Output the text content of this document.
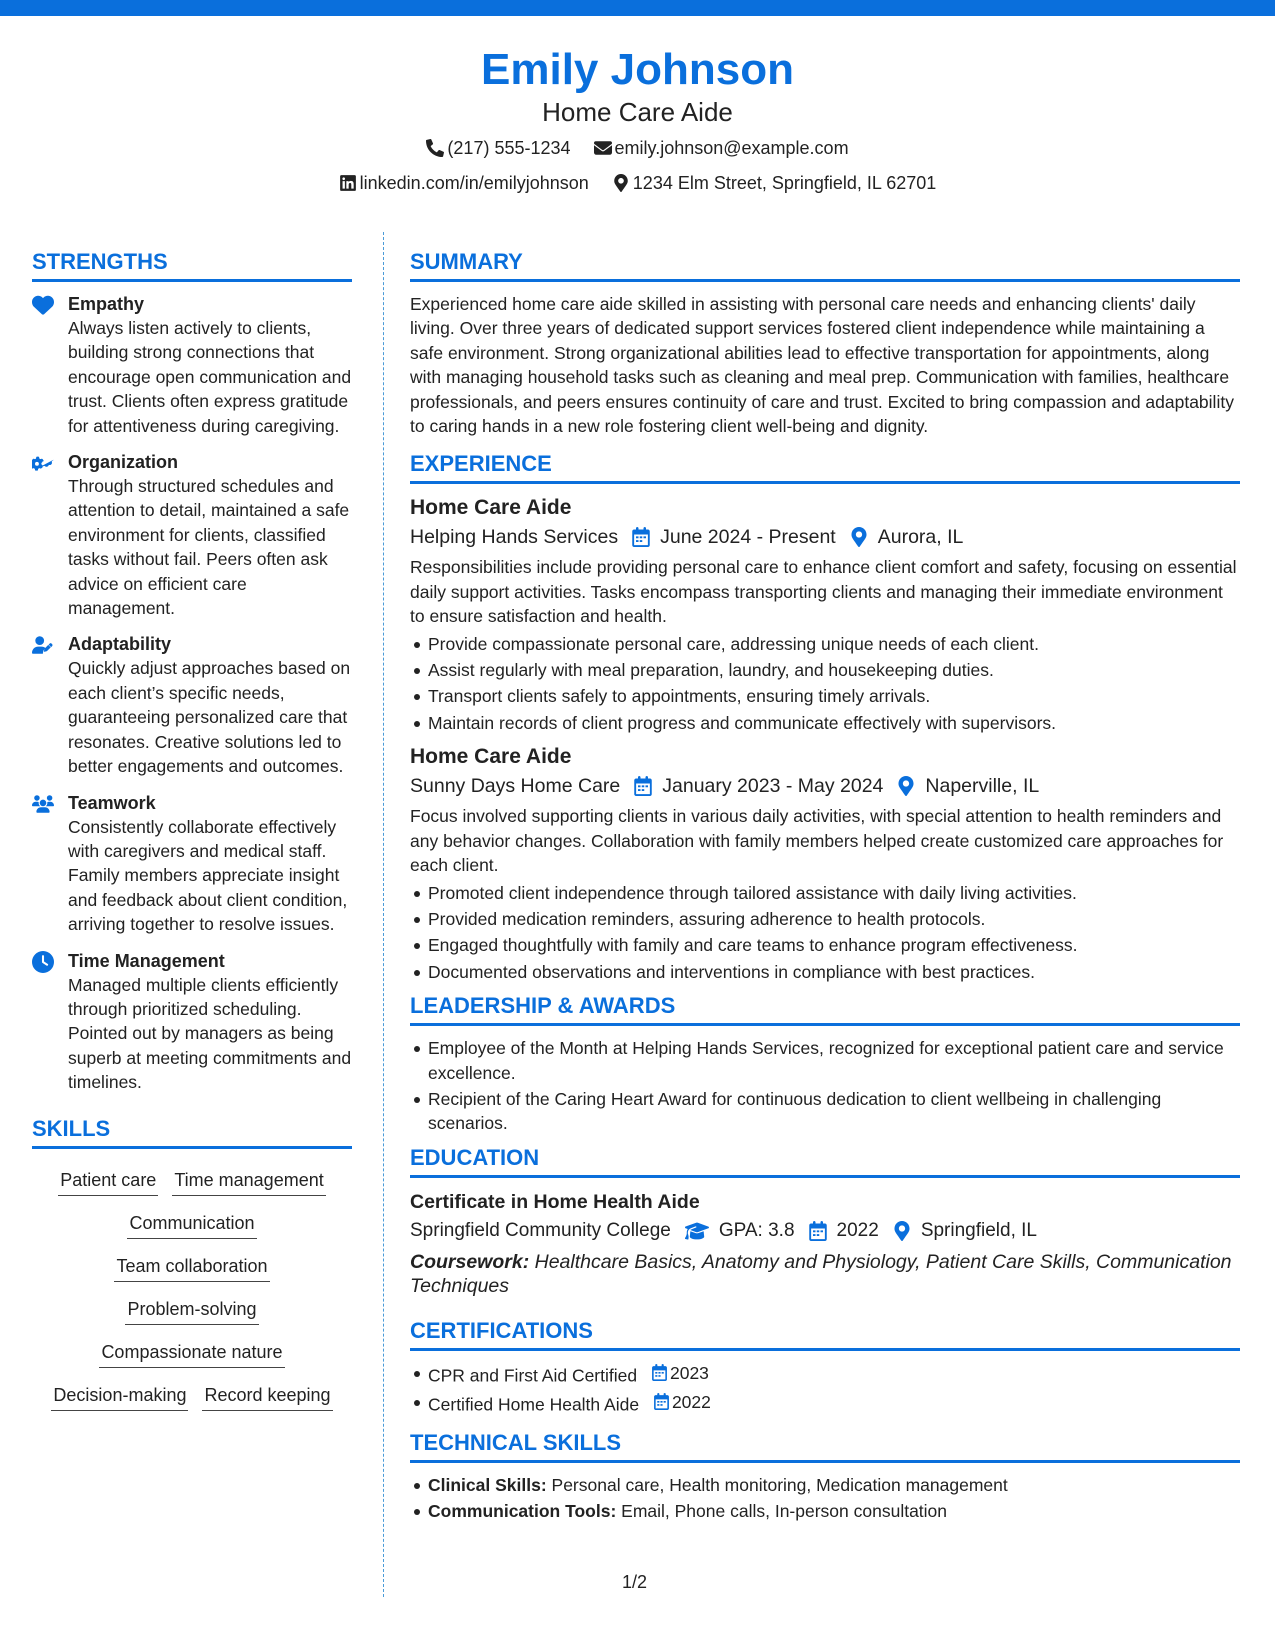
Emily Johnson
Home Care Aide
(217) 555-1234
emily.johnson@example.com
linkedin.com/in/emilyjohnson
1234 Elm Street, Springfield, IL 62701
STRENGTHS
Empathy
Always listen actively to clients, building strong connections that encourage open communication and trust. Clients often express gratitude for attentiveness during caregiving.
Organization
Through structured schedules and attention to detail, maintained a safe environment for clients, classified tasks without fail. Peers often ask advice on efficient care management.
Adaptability
Quickly adjust approaches based on each client’s specific needs, guaranteeing personalized care that resonates. Creative solutions led to better engagements and outcomes.
Teamwork
Consistently collaborate effectively with caregivers and medical staff. Family members appreciate insight and feedback about client condition, arriving together to resolve issues.
Time Management
Managed multiple clients efficiently through prioritized scheduling. Pointed out by managers as being superb at meeting commitments and timelines.
SKILLS
Patient care Time management
Communication
Team collaboration
Problem-solving
Compassionate nature
Decision-making Record keeping
SUMMARY
Experienced home care aide skilled in assisting with personal care needs and enhancing clients' daily living. Over three years of dedicated support services fostered client independence while maintaining a safe environment. Strong organizational abilities lead to effective transportation for appointments, along with managing household tasks such as cleaning and meal prep. Communication with families, healthcare professionals, and peers ensures continuity of care and trust. Excited to bring compassion and adaptability to caring hands in a new role fostering client well-being and dignity.
EXPERIENCE
Home Care Aide
Helping Hands Services June 2024 - Present Aurora, IL
Responsibilities include providing personal care to enhance client comfort and safety, focusing on essential daily support activities. Tasks encompass transporting clients and managing their immediate environment to ensure satisfaction and health.
Provide compassionate personal care, addressing unique needs of each client.
Assist regularly with meal preparation, laundry, and housekeeping duties.
Transport clients safely to appointments, ensuring timely arrivals.
Maintain records of client progress and communicate effectively with supervisors.
Home Care Aide
Sunny Days Home Care January 2023 - May 2024 Naperville, IL
Focus involved supporting clients in various daily activities, with special attention to health reminders and any behavior changes. Collaboration with family members helped create customized care approaches for each client.
Promoted client independence through tailored assistance with daily living activities.
Provided medication reminders, assuring adherence to health protocols.
Engaged thoughtfully with family and care teams to enhance program effectiveness.
Documented observations and interventions in compliance with best practices.
LEADERSHIP & AWARDS
Employee of the Month at Helping Hands Services, recognized for exceptional patient care and service excellence.
Recipient of the Caring Heart Award for continuous dedication to client wellbeing in challenging scenarios.
EDUCATION
Certificate in Home Health Aide
Springfield Community College	GPA: 3.8 2022 Springfield, IL
Coursework: Healthcare Basics, Anatomy and Physiology, Patient Care Skills, Communication Techniques
CERTIFICATIONS
CPR and First Aid Certified 2023
Certified Home Health Aide 2022
TECHNICAL SKILLS
Clinical Skills: Personal care, Health monitoring, Medication management
Communication Tools: Email, Phone calls, In-person consultation
1/2
